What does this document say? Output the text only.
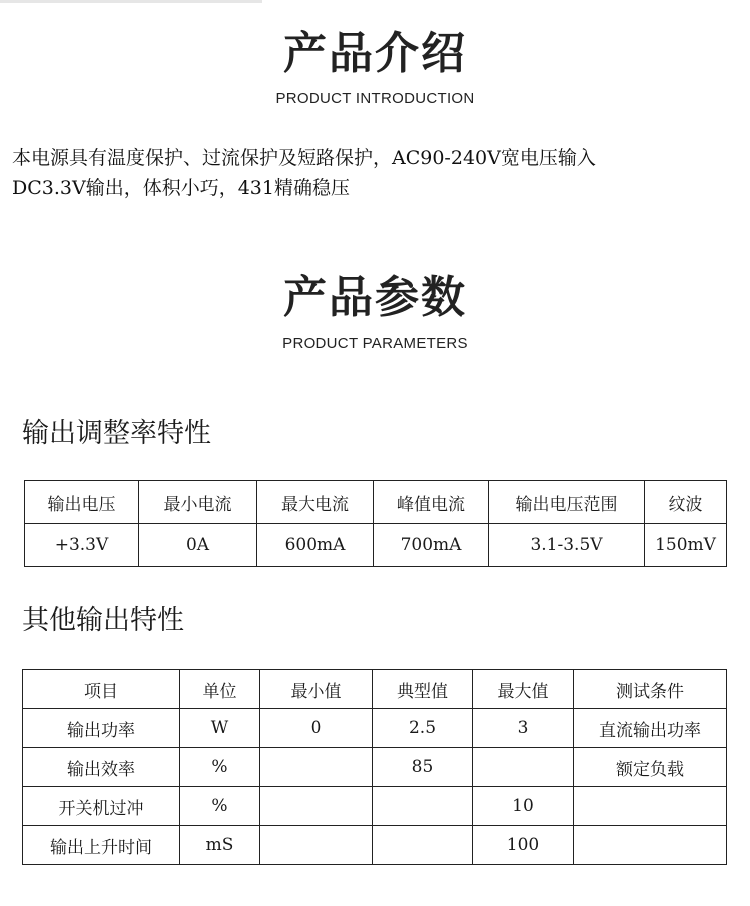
产品介绍
PRODUCT INTRODUCTION

本电源具有温度保护、过流保护及短路保护，AC90-240V宽电压输入

DC3.3V输出，体积小巧，431精确稳压

产品参数
PRODUCT PARAMETERS
输出调整率特性
输出电压	最小电流	最大电流	峰值电流	输出电压范围	纹波
+3.3V	0A	600mA	700mA	3.1-3.5V	150mV
其他输出特性
项目	单位	最小值	典型值	最大值	测试条件
输出功率	W	0	2.5	3	直流输出功率
输出效率	%		85		额定负载
开关机过冲	%			10	
输出上升时间	mS			100	
